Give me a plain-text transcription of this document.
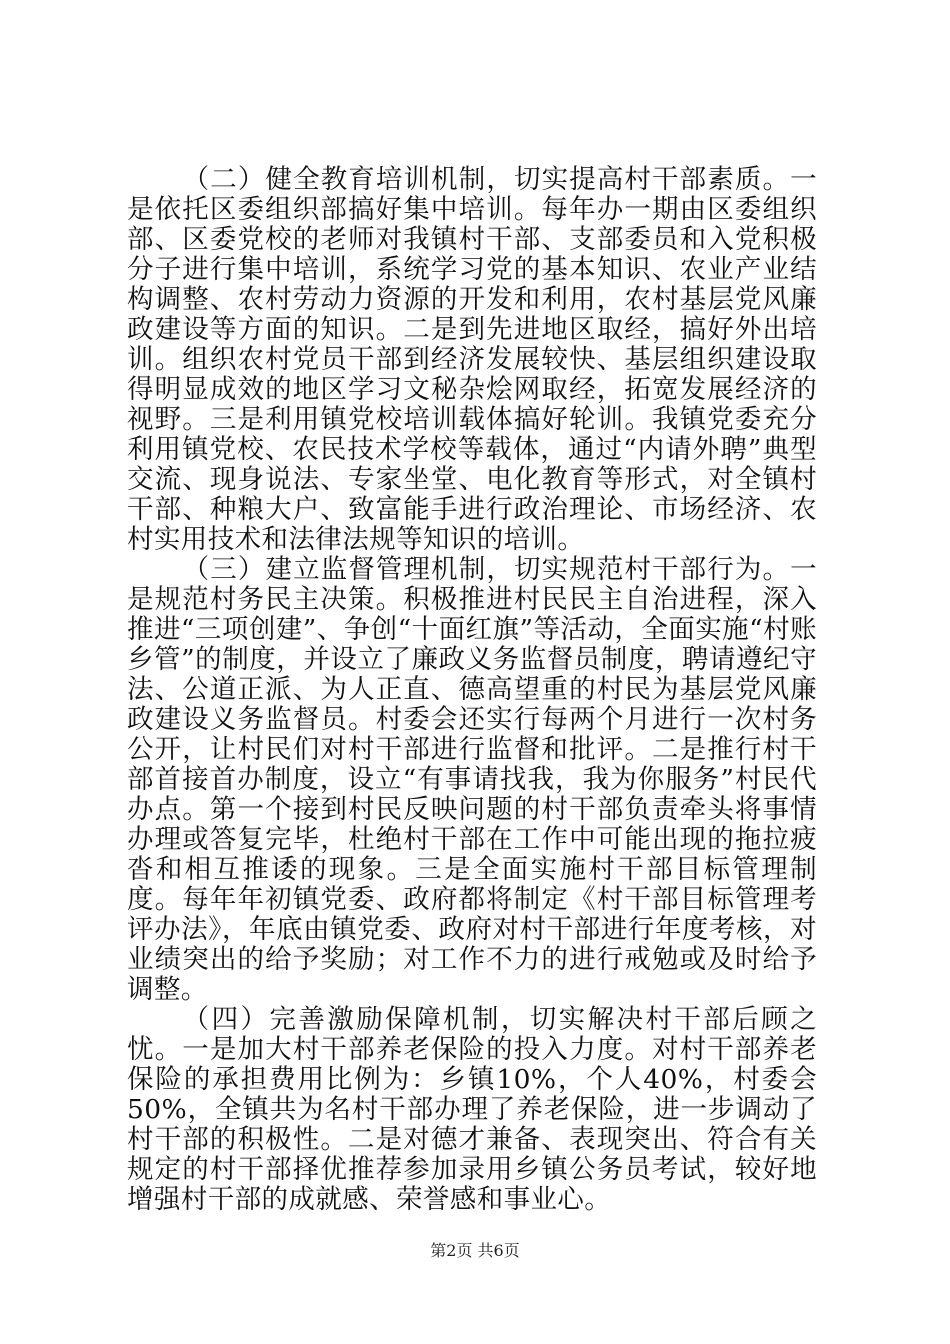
（二）健全教育培训机制，切实提高村干部素质。一是依托区委组织部搞好集中培训。每年办一期由区委组织部、区委党校的老师对我镇村干部、支部委员和入党积极分子进行集中培训，系统学习党的基本知识、农业产业结构调整、农村劳动力资源的开发和利用，农村基层党风廉政建设等方面的知识。二是到先进地区取经，搞好外出培训。组织农村党员干部到经济发展较快、基层组织建设取得明显成效的地区学习文秘杂烩网取经，拓宽发展经济的视野。三是利用镇党校培训载体搞好轮训。我镇党委充分利用镇党校、农民技术学校等载体，通过“内请外聘”典型交流、现身说法、专家坐堂、电化教育等形式，对全镇村干部、种粮大户、致富能手进行政治理论、市场经济、农村实用技术和法律法规等知识的培训。

（三）建立监督管理机制，切实规范村干部行为。一是规范村务民主决策。积极推进村民民主自治进程，深入推进“三项创建”、争创“十面红旗”等活动，全面实施“村账乡管”的制度，并设立了廉政义务监督员制度，聘请遵纪守法、公道正派、为人正直、德高望重的村民为基层党风廉政建设义务监督员。村委会还实行每两个月进行一次村务公开，让村民们对村干部进行监督和批评。二是推行村干部首接首办制度，设立“有事请找我，我为你服务”村民代办点。第一个接到村民反映问题的村干部负责牵头将事情办理或答复完毕，杜绝村干部在工作中可能出现的拖拉疲沓和相互推诿的现象。三是全面实施村干部目标管理制度。每年年初镇党委、政府都将制定《村干部目标管理考评办法》，年底由镇党委、政府对村干部进行年度考核，对业绩突出的给予奖励；对工作不力的进行戒勉或及时给予调整。

（四）完善激励保障机制，切实解决村干部后顾之忧。一是加大村干部养老保险的投入力度。对村干部养老保险的承担费用比例为：乡镇10%，个人40%，村委会50%，全镇共为名村干部办理了养老保险，进一步调动了村干部的积极性。二是对德才兼备、表现突出、符合有关规定的村干部择优推荐参加录用乡镇公务员考试，较好地增强村干部的成就感、荣誉感和事业心。

第2页 共6页
